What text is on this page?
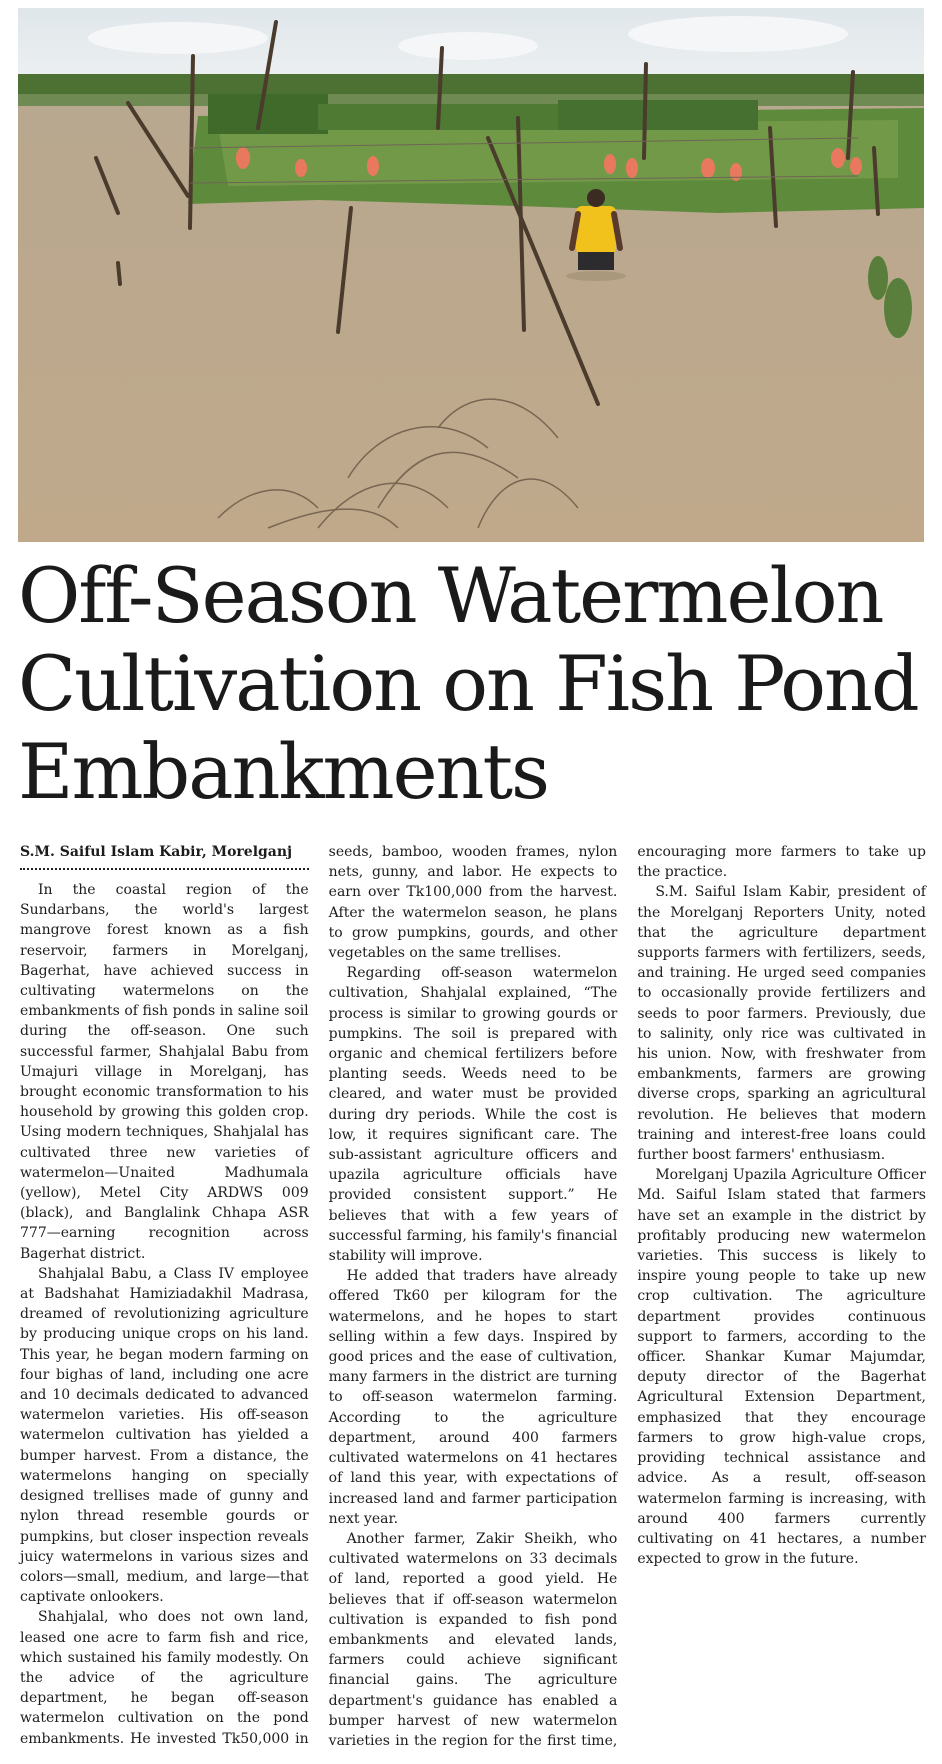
Off-Season Watermelon
Cultivation on Fish Pond
Embankments
S.M. Saiful Islam Kabir, Morelganj

In the coastal region of the Sundarbans, the world's largest mangrove forest known as a fish reservoir, farmers in Morelganj, Bagerhat, have achieved success in cultivating watermelons on the embankments of fish ponds in saline soil during the off-season. One such successful farmer, Shahjalal Babu from Umajuri village in Morelganj, has brought economic transformation to his household by growing this golden crop. Using modern techniques, Shahjalal has cultivated three new varieties of watermelon—Unaited Madhumala (yellow), Metel City ARDWS 009 (black), and Banglalink Chhapa ASR 777—earning recognition across Bagerhat district.

Shahjalal Babu, a Class IV employee at Badshahat Hamiziadakhil Madrasa, dreamed of revolutionizing agriculture by producing unique crops on his land. This year, he began modern farming on four bighas of land, including one acre and 10 decimals dedicated to advanced watermelon varieties. His off-season watermelon cultivation has yielded a bumper harvest. From a distance, the watermelons hanging on specially designed trellises made of gunny and nylon thread resemble gourds or pumpkins, but closer inspection reveals juicy watermelons in various sizes and colors—small, medium, and large—that captivate onlookers.

Shahjalal, who does not own land, leased one acre to farm fish and rice, which sustained his family modestly. On the advice of the agriculture department, he began off-season watermelon cultivation on the pond embankments. He invested Tk50,000 in seeds, bamboo, wooden frames, nylon nets, gunny, and labor. He expects to earn over Tk100,000 from the harvest. After the watermelon season, he plans to grow pumpkins, gourds, and other vegetables on the same trellises.

Regarding off-season watermelon cultivation, Shahjalal explained, “The process is similar to growing gourds or pumpkins. The soil is prepared with organic and chemical fertilizers before planting seeds. Weeds need to be cleared, and water must be provided during dry periods. While the cost is low, it requires significant care. The sub-assistant agriculture officers and upazila agriculture officials have provided consistent support.” He believes that with a few years of successful farming, his family's financial stability will improve.

He added that traders have already offered Tk60 per kilogram for the watermelons, and he hopes to start selling within a few days. Inspired by good prices and the ease of cultivation, many farmers in the district are turning to off-season watermelon farming. According to the agriculture department, around 400 farmers cultivated watermelons on 41 hectares of land this year, with expectations of increased land and farmer participation next year.

Another farmer, Zakir Sheikh, who cultivated watermelons on 33 decimals of land, reported a good yield. He believes that if off-season watermelon cultivation is expanded to fish pond embankments and elevated lands, farmers could achieve significant financial gains. The agriculture department's guidance has enabled a bumper harvest of new watermelon varieties in the region for the first time, encouraging more farmers to take up the practice.

S.M. Saiful Islam Kabir, president of the Morelganj Reporters Unity, noted that the agriculture department supports farmers with fertilizers, seeds, and training. He urged seed companies to occasionally provide fertilizers and seeds to poor farmers. Previously, due to salinity, only rice was cultivated in his union. Now, with freshwater from embankments, farmers are growing diverse crops, sparking an agricultural revolution. He believes that modern training and interest-free loans could further boost farmers' enthusiasm.

Morelganj Upazila Agriculture Officer Md. Saiful Islam stated that farmers have set an example in the district by profitably producing new watermelon varieties. This success is likely to inspire young people to take up new crop cultivation. The agriculture department provides continuous support to farmers, according to the officer. Shankar Kumar Majumdar, deputy director of the Bagerhat Agricultural Extension Department, emphasized that they encourage farmers to grow high-value crops, providing technical assistance and advice. As a result, off-season watermelon farming is increasing, with around 400 farmers currently cultivating on 41 hectares, a number expected to grow in the future.
